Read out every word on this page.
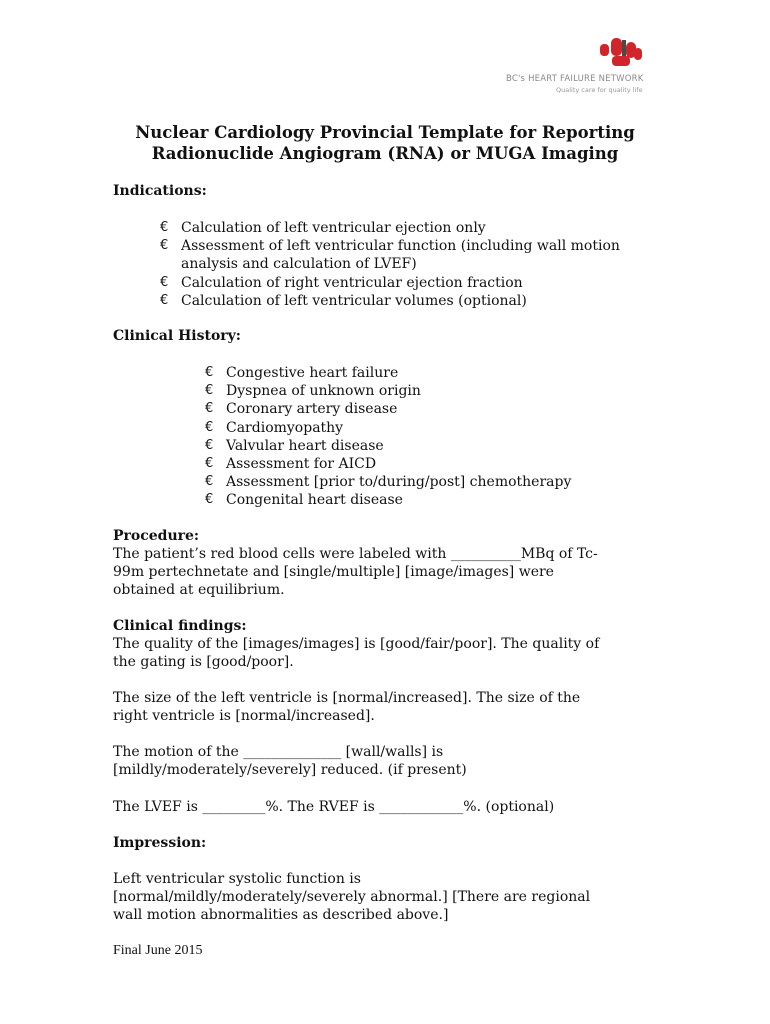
BC's HEART FAILURE NETWORK
Quality care for quality life
Nuclear Cardiology Provincial Template for Reporting
Radionuclide Angiogram (RNA) or MUGA Imaging
Indications:
€ Calculation of left ventricular ejection only
€ Assessment of left ventricular function (including wall motion
analysis and calculation of LVEF)
€ Calculation of right ventricular ejection fraction
€ Calculation of left ventricular volumes (optional)
Clinical History:
€ Congestive heart failure
€ Dyspnea of unknown origin
€ Coronary artery disease
€ Cardiomyopathy
€ Valvular heart disease
€ Assessment for AICD
€ Assessment [prior to/during/post] chemotherapy
€ Congenital heart disease
Procedure:
The patient’s red blood cells were labeled with __________MBq of Tc-
99m pertechnetate and [single/multiple] [image/images] were
obtained at equilibrium.
Clinical findings:
The quality of the [images/images] is [good/fair/poor]. The quality of
the gating is [good/poor].
The size of the left ventricle is [normal/increased]. The size of the
right ventricle is [normal/increased].
The motion of the ______________ [wall/walls] is
[mildly/moderately/severely] reduced. (if present)
The LVEF is _________%. The RVEF is ____________%. (optional)
Impression:
Left ventricular systolic function is
[normal/mildly/moderately/severely abnormal.] [There are regional
wall motion abnormalities as described above.]
Final June 2015
